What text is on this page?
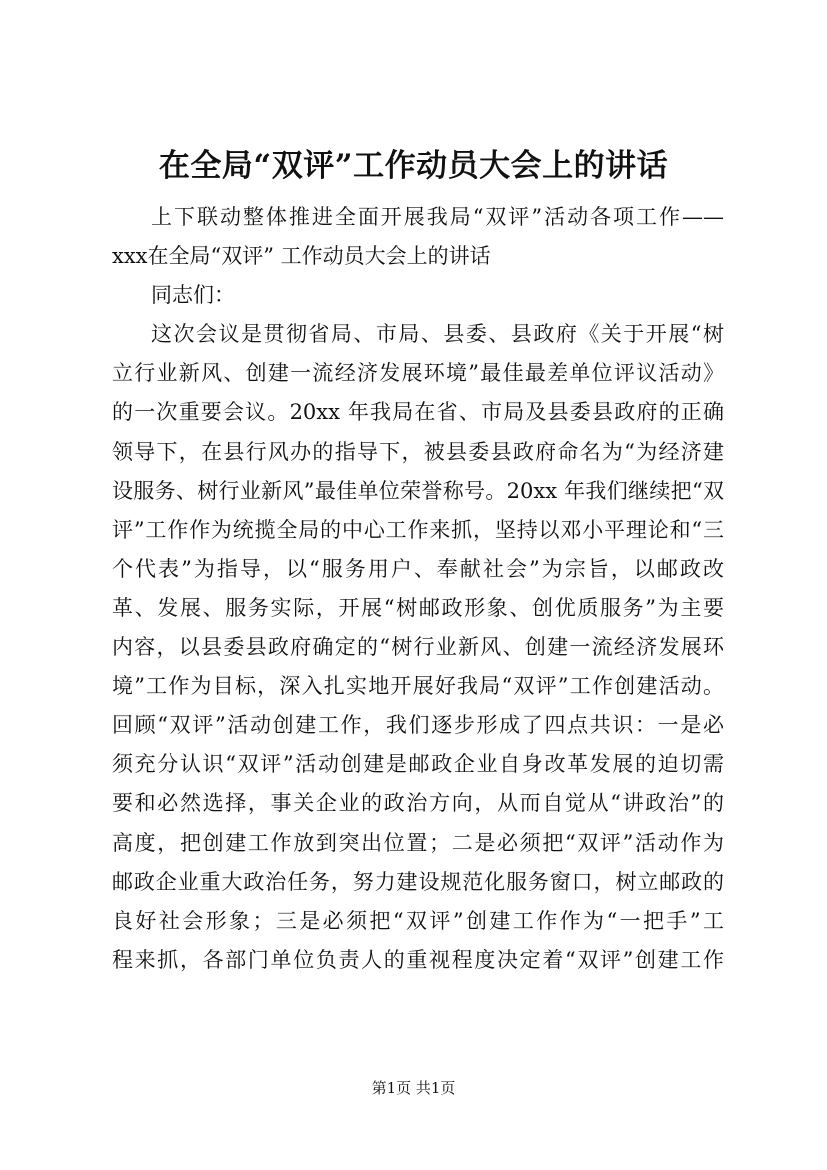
在全局“双评”工作动员大会上的讲话
上下联动整体推进全面开展我局“双评”活动各项工作——
xxx在全局“双评” 工作动员大会上的讲话
同志们：
这次会议是贯彻省局、市局、县委、县政府《关于开展“树
立行业新风、创建一流经济发展环境”最佳最差单位评议活动》
的一次重要会议。20xx 年我局在省、市局及县委县政府的正确
领导下，在县行风办的指导下，被县委县政府命名为“为经济建
设服务、树行业新风”最佳单位荣誉称号。20xx 年我们继续把“双
评”工作作为统揽全局的中心工作来抓，坚持以邓小平理论和“三
个代表”为指导，以“服务用户、奉献社会”为宗旨，以邮政改
革、发展、服务实际，开展“树邮政形象、创优质服务”为主要
内容，以县委县政府确定的“树行业新风、创建一流经济发展环
境”工作为目标，深入扎实地开展好我局“双评”工作创建活动。
回顾“双评”活动创建工作，我们逐步形成了四点共识：一是必
须充分认识“双评”活动创建是邮政企业自身改革发展的迫切需
要和必然选择，事关企业的政治方向，从而自觉从“讲政治”的
高度，把创建工作放到突出位置；二是必须把“双评”活动作为
邮政企业重大政治任务，努力建设规范化服务窗口，树立邮政的
良好社会形象；三是必须把“双评”创建工作作为“一把手”工
程来抓，各部门单位负责人的重视程度决定着“双评”创建工作
第1页 共1页
